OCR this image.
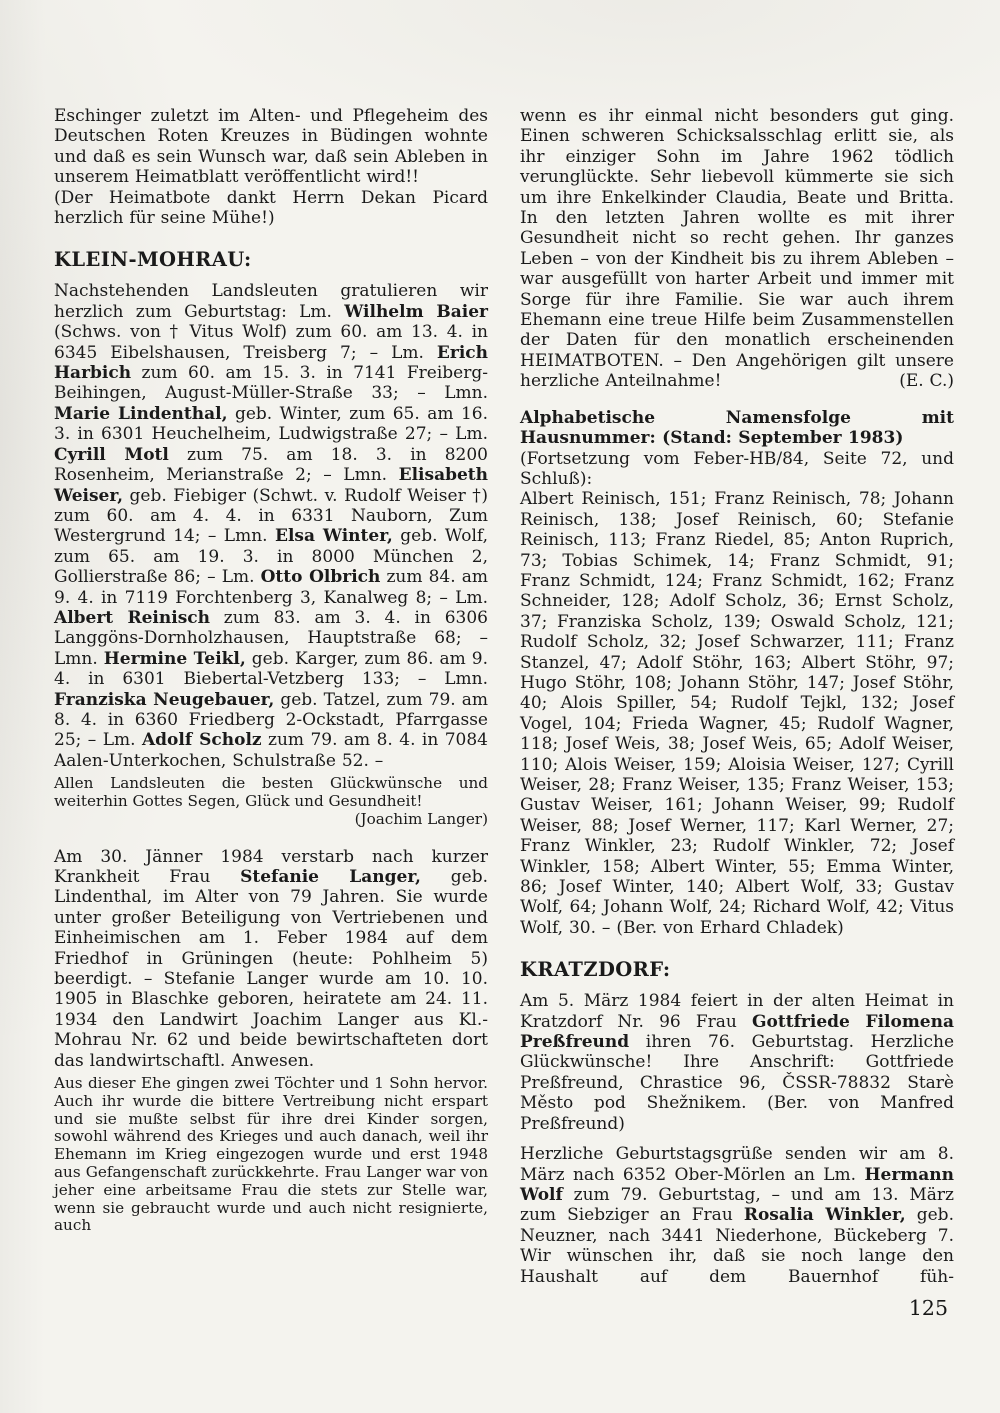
Eschinger zuletzt im Alten- und Pflegeheim des Deutschen Roten Kreuzes in Büdingen wohnte und daß es sein Wunsch war, daß sein Ableben in unserem Heimatblatt veröffentlicht wird!!

(Der Heimatbote dankt Herrn Dekan Picard herzlich für seine Mühe!)

KLEIN-MOHRAU:

Nachstehenden Landsleuten gratulieren wir herzlich zum Geburtstag: Lm. Wilhelm Baier (Schws. von † Vitus Wolf) zum 60. am 13. 4. in 6345 Eibelshausen, Treisberg 7; – Lm. Erich Harbich zum 60. am 15. 3. in 7141 Freiberg-Beihingen, August-Müller-Straße 33; – Lmn. Marie Lindenthal, geb. Winter, zum 65. am 16. 3. in 6301 Heuchelheim, Ludwigstraße 27; – Lm. Cyrill Motl zum 75. am 18. 3. in 8200 Rosenheim, Merianstraße 2; – Lmn. Elisabeth Weiser, geb. Fiebiger (Schwt. v. Rudolf Weiser †) zum 60. am 4. 4. in 6331 Nauborn, Zum Westergrund 14; – Lmn. Elsa Winter, geb. Wolf, zum 65. am 19. 3. in 8000 München 2, Gollierstraße 86; – Lm. Otto Olbrich zum 84. am 9. 4. in 7119 Forchtenberg 3, Kanalweg 8; – Lm. Albert Reinisch zum 83. am 3. 4. in 6306 Langgöns-Dornholzhausen, Hauptstraße 68; – Lmn. Hermine Teikl, geb. Karger, zum 86. am 9. 4. in 6301 Biebertal-Vetzberg 133; – Lmn. Franziska Neugebauer, geb. Tatzel, zum 79. am 8. 4. in 6360 Friedberg 2-Ockstadt, Pfarrgasse 25; – Lm. Adolf Scholz zum 79. am 8. 4. in 7084 Aalen-Unterkochen, Schulstraße 52. –

Allen Landsleuten die besten Glückwünsche und weiterhin Gottes Segen, Glück und Gesundheit!

(Joachim Langer)

Am 30. Jänner 1984 verstarb nach kurzer Krankheit Frau Stefanie Langer, geb. Lindenthal, im Alter von 79 Jahren. Sie wurde unter großer Beteiligung von Vertriebenen und Einheimischen am 1. Feber 1984 auf dem Friedhof in Grüningen (heute: Pohlheim 5) beerdigt. – Stefanie Langer wurde am 10. 10. 1905 in Blaschke geboren, heiratete am 24. 11. 1934 den Landwirt Joachim Langer aus Kl.-Mohrau Nr. 62 und beide bewirtschafteten dort das landwirtschaftl. Anwesen.

Aus dieser Ehe gingen zwei Töchter und 1 Sohn hervor. Auch ihr wurde die bittere Vertreibung nicht erspart und sie mußte selbst für ihre drei Kinder sorgen, sowohl während des Krieges und auch danach, weil ihr Ehemann im Krieg eingezogen wurde und erst 1948 aus Gefangenschaft zurückkehrte. Frau Langer war von jeher eine arbeitsame Frau die stets zur Stelle war, wenn sie gebraucht wurde und auch nicht resignierte, auch

wenn es ihr einmal nicht besonders gut ging. Einen schweren Schicksalsschlag erlitt sie, als ihr einziger Sohn im Jahre 1962 tödlich verunglückte. Sehr liebevoll kümmerte sie sich um ihre Enkelkinder Claudia, Beate und Britta. In den letzten Jahren wollte es mit ihrer Gesundheit nicht so recht gehen. Ihr ganzes Leben – von der Kindheit bis zu ihrem Ableben – war ausgefüllt von harter Arbeit und immer mit Sorge für ihre Familie. Sie war auch ihrem Ehemann eine treue Hilfe beim Zusammenstellen der Daten für den monatlich erscheinenden HEIMATBOTEN. – Den Angehörigen gilt unsere herzliche Anteilnahme!	(E. C.)

Alphabetische Namensfolge mit Hausnummer: (Stand: September 1983)

(Fortsetzung vom Feber-HB/84, Seite 72, und Schluß):

Albert Reinisch, 151; Franz Reinisch, 78; Johann Reinisch, 138; Josef Reinisch, 60; Stefanie Reinisch, 113; Franz Riedel, 85; Anton Ruprich, 73; Tobias Schimek, 14; Franz Schmidt, 91; Franz Schmidt, 124; Franz Schmidt, 162; Franz Schneider, 128; Adolf Scholz, 36; Ernst Scholz, 37; Franziska Scholz, 139; Oswald Scholz, 121; Rudolf Scholz, 32; Josef Schwarzer, 111; Franz Stanzel, 47; Adolf Stöhr, 163; Albert Stöhr, 97; Hugo Stöhr, 108; Johann Stöhr, 147; Josef Stöhr, 40; Alois Spiller, 54; Rudolf Tejkl, 132; Josef Vogel, 104; Frieda Wagner, 45; Rudolf Wagner, 118; Josef Weis, 38; Josef Weis, 65; Adolf Weiser, 110; Alois Weiser, 159; Aloisia Weiser, 127; Cyrill Weiser, 28; Franz Weiser, 135; Franz Weiser, 153; Gustav Weiser, 161; Johann Weiser, 99; Rudolf Weiser, 88; Josef Werner, 117; Karl Werner, 27; Franz Winkler, 23; Rudolf Winkler, 72; Josef Winkler, 158; Albert Winter, 55; Emma Winter, 86; Josef Winter, 140; Albert Wolf, 33; Gustav Wolf, 64; Johann Wolf, 24; Richard Wolf, 42; Vitus Wolf, 30. – (Ber. von Erhard Chladek)

KRATZDORF:

Am 5. März 1984 feiert in der alten Heimat in Kratzdorf Nr. 96 Frau Gottfriede Filomena Preßfreund ihren 76. Geburtstag. Herzliche Glückwünsche! Ihre Anschrift: Gottfriede Preßfreund, Chrastice 96, ČSSR-78832 Starè Město pod Shežnikem. (Ber. von Manfred Preßfreund)

Herzliche Geburtstagsgrüße senden wir am 8. März nach 6352 Ober-Mörlen an Lm. Hermann Wolf zum 79. Geburtstag, – und am 13. März zum Siebziger an Frau Rosalia Winkler, geb. Neuzner, nach 3441 Niederhone, Bückeberg 7. Wir wünschen ihr, daß sie noch lange den Haushalt auf dem Bauernhof füh-

125
